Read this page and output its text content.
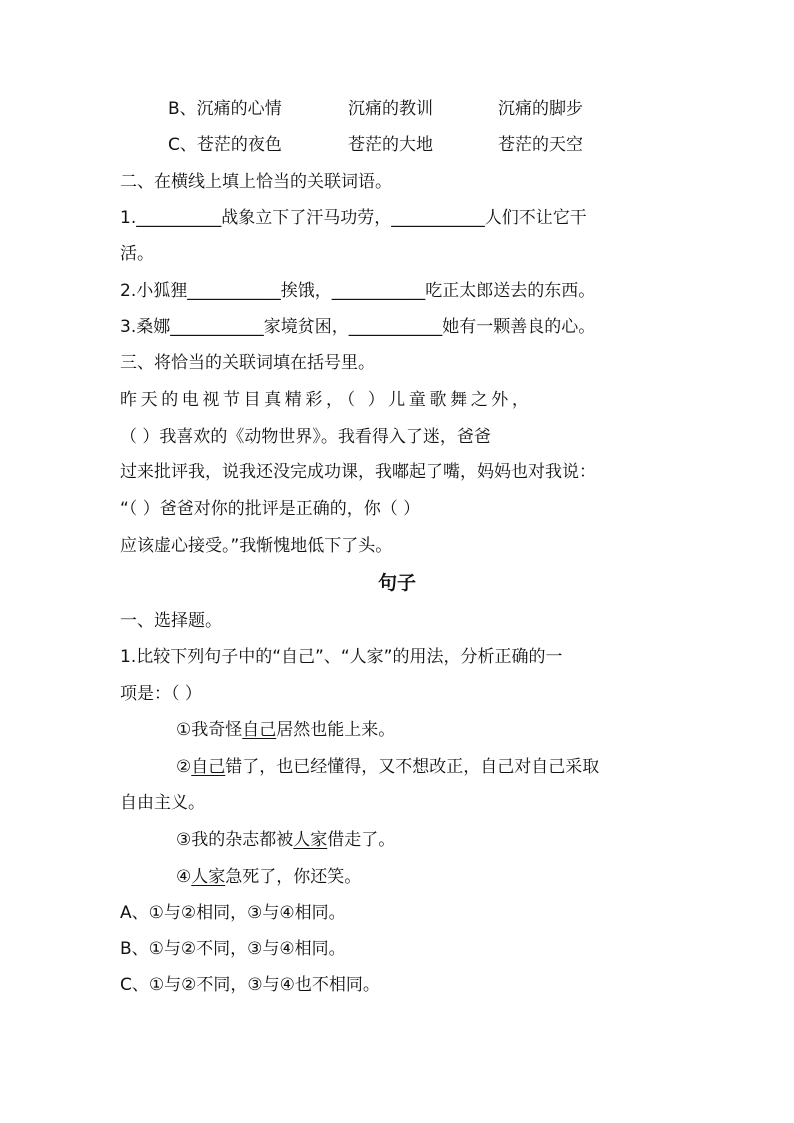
B、沉痛的心情	沉痛的教训	沉痛的脚步
C、苍茫的夜色	苍茫的大地	苍茫的天空
二、在横线上填上恰当的关联词语。
1.__________战象立下了汗马功劳，___________人们不让它干
活。
2.小狐狸___________挨饿，___________吃正太郎送去的东西。
3.桑娜___________家境贫困，___________她有一颗善良的心。
三、将恰当的关联词填在括号里。
昨天的电视节目真精彩，（ ）儿童歌舞之外，
（ ）我喜欢的《动物世界》。我看得入了迷，爸爸
过来批评我，说我还没完成功课，我嘟起了嘴，妈妈也对我说：
“（ ）爸爸对你的批评是正确的，你（ ）
应该虚心接受。”我惭愧地低下了头。
句子
一、选择题。
1.比较下列句子中的“自己”、“人家”的用法，分析正确的一
项是：（ ）
①我奇怪自己居然也能上来。
②自己错了，也已经懂得，又不想改正，自己对自己采取
自由主义。
③我的杂志都被人家借走了。
④人家急死了，你还笑。
A、①与②相同，③与④相同。
B、①与②不同，③与④相同。
C、①与②不同，③与④也不相同。
